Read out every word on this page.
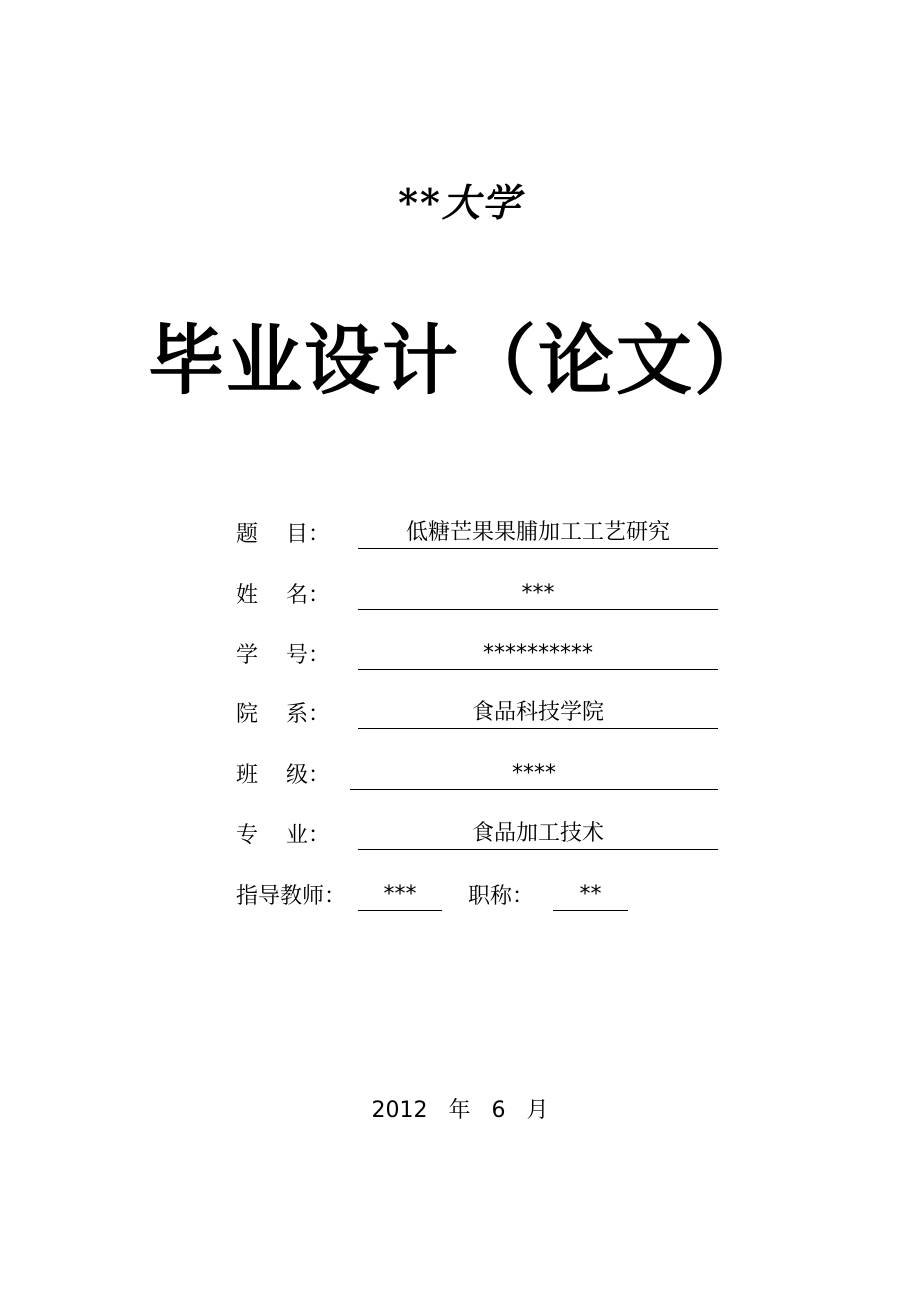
**大学
毕业设计（论文）
题    目：	低糖芒果果脯加工工艺研究
姓    名：	***
学    号：	**********
院    系：	食品科技学院
班    级：	****
专    业：	食品加工技术
指导教师：	***	职称：	**
2012 年 6 月
